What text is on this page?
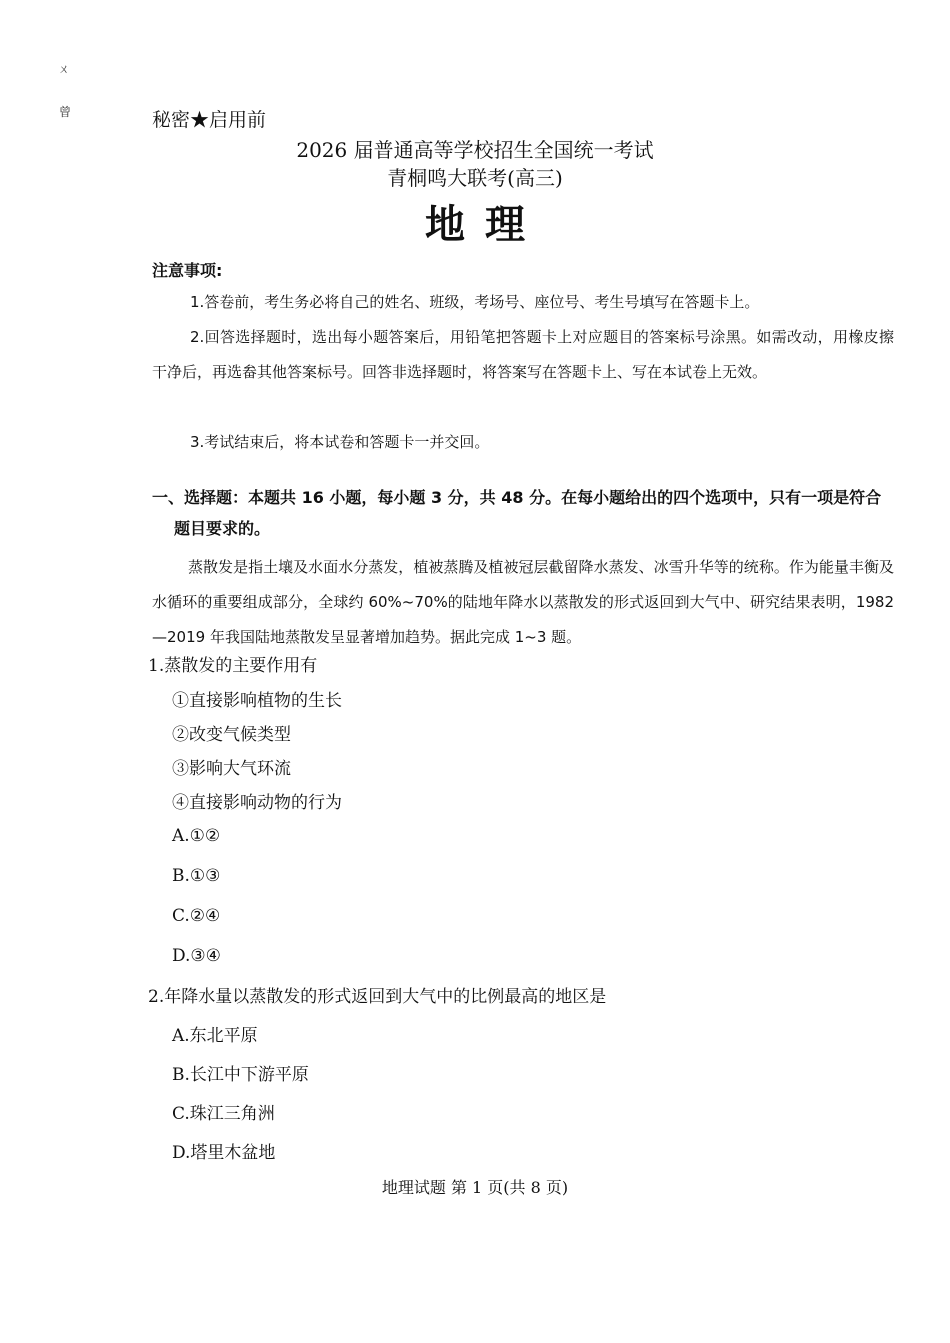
ㄨ
曾	秘密★启用前
2026 届普通高等学校招生全国统一考试
青桐鸣大联考(高三)
地理
注意事项:
1.答卷前，考生务必将自己的姓名、班级，考场号、座位号、考生号填写在答题卡上。
2.回答选择题时，选出每小题答案后，用铅笔把答题卡上对应题目的答案标号涂黑。如需改动，用橡皮擦干净后，再选畚其他答案标号。回答非选择题时，将答案写在答题卡上、写在本试卷上无效。
3.考试结束后，将本试卷和答题卡一并交回。
一、选择题：本题共 16 小题，每小题 3 分，共 48 分。在每小题给出的四个选项中，只有一项是符合题目要求的。
蒸散发是指土壤及水面水分蒸发，植被蒸腾及植被冠层截留降水蒸发、冰雪升华等的统称。作为能量丰衡及水循环的重要组成部分，全球约 60%~70%的陆地年降水以蒸散发的形式返回到大气中、研究结果表明，1982—2019 年我国陆地蒸散发呈显著增加趋势。据此完成 1~3 题。
1.蒸散发的主要作用有
①直接影响植物的生长
②改变气候类型
③影响大气环流
④直接影响动物的行为
A.①②
B.①③
C.②④
D.③④
2.年降水量以蒸散发的形式返回到大气中的比例最高的地区是
A.东北平原
B.长江中下游平原
C.珠江三角洲
D.塔里木盆地
地理试题 第 1 页(共 8 页)
